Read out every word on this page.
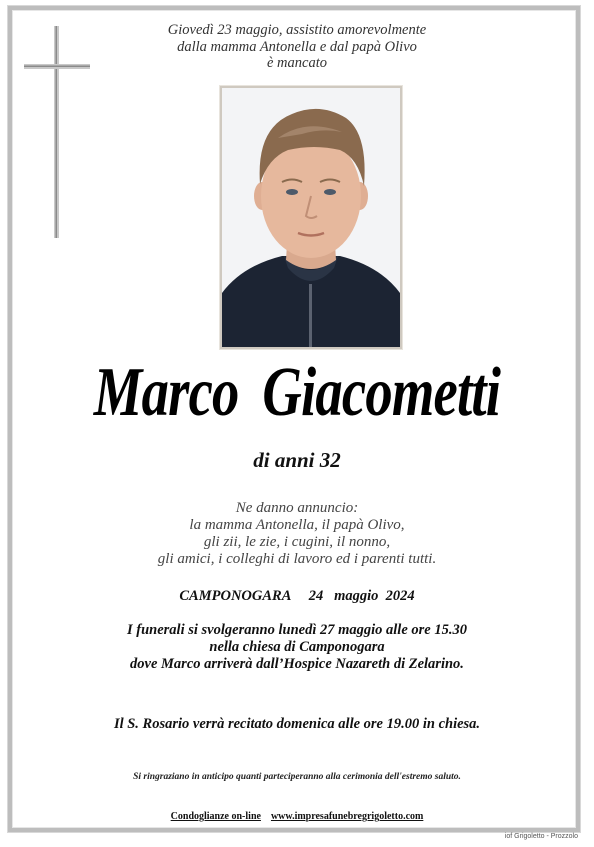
Giovedì 23 maggio, assistito amorevolmente
dalla mamma Antonella e dal papà Olivo
è mancato
Marco Giacometti
di anni 32
Ne danno annuncio:
la mamma Antonella, il papà Olivo,
gli zii, le zie, i cugini, il nonno,
gli amici, i colleghi di lavoro ed i parenti tutti.
CAMPONOGARA     24   maggio  2024
I funerali si svolgeranno lunedì 27 maggio alle ore 15.30
nella chiesa di Camponogara
dove Marco arriverà dall’Hospice Nazareth di Zelarino.
Il S. Rosario verrà recitato domenica alle ore 19.00 in chiesa.
Si ringraziano in anticipo quanti parteciperanno alla cerimonia dell'estremo saluto.
Condoglianze on-line www.impresafunebregrigoletto.com
iof Grigoletto - Prozzolo
